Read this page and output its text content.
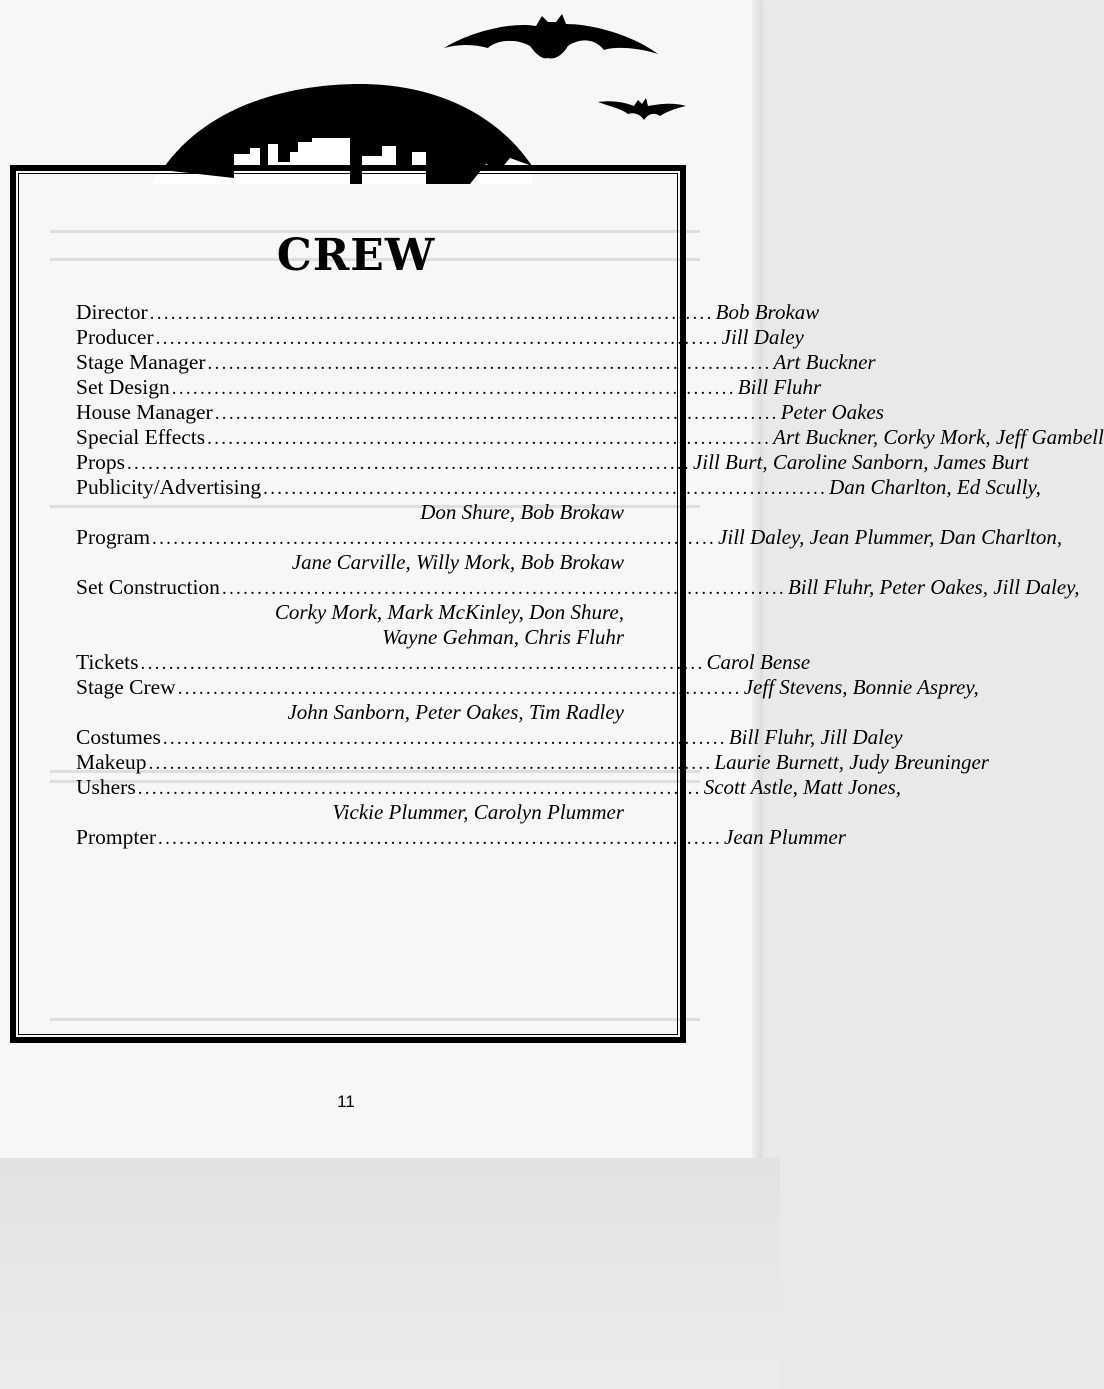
CREW
Director ................................................................................ Bob Brokaw
Producer ................................................................................ Jill Daley
Stage Manager ................................................................................ Art Buckner
Set Design ................................................................................ Bill Fluhr
House Manager ................................................................................ Peter Oakes
Special Effects ................................................................................ Art Buckner, Corky Mork, Jeff Gambell
Props ................................................................................ Jill Burt, Caroline Sanborn, James Burt
Publicity/Advertising ................................................................................ Dan Charlton, Ed Scully,
Don Shure, Bob Brokaw
Program ................................................................................ Jill Daley, Jean Plummer, Dan Charlton,
Jane Carville, Willy Mork, Bob Brokaw
Set Construction ................................................................................ Bill Fluhr, Peter Oakes, Jill Daley,
Corky Mork, Mark McKinley, Don Shure,
Wayne Gehman, Chris Fluhr
Tickets ................................................................................ Carol Bense
Stage Crew ................................................................................ Jeff Stevens, Bonnie Asprey,
John Sanborn, Peter Oakes, Tim Radley
Costumes ................................................................................ Bill Fluhr, Jill Daley
Makeup ................................................................................ Laurie Burnett, Judy Breuninger
Ushers ................................................................................ Scott Astle, Matt Jones,
Vickie Plummer, Carolyn Plummer
Prompter ................................................................................ Jean Plummer
11
